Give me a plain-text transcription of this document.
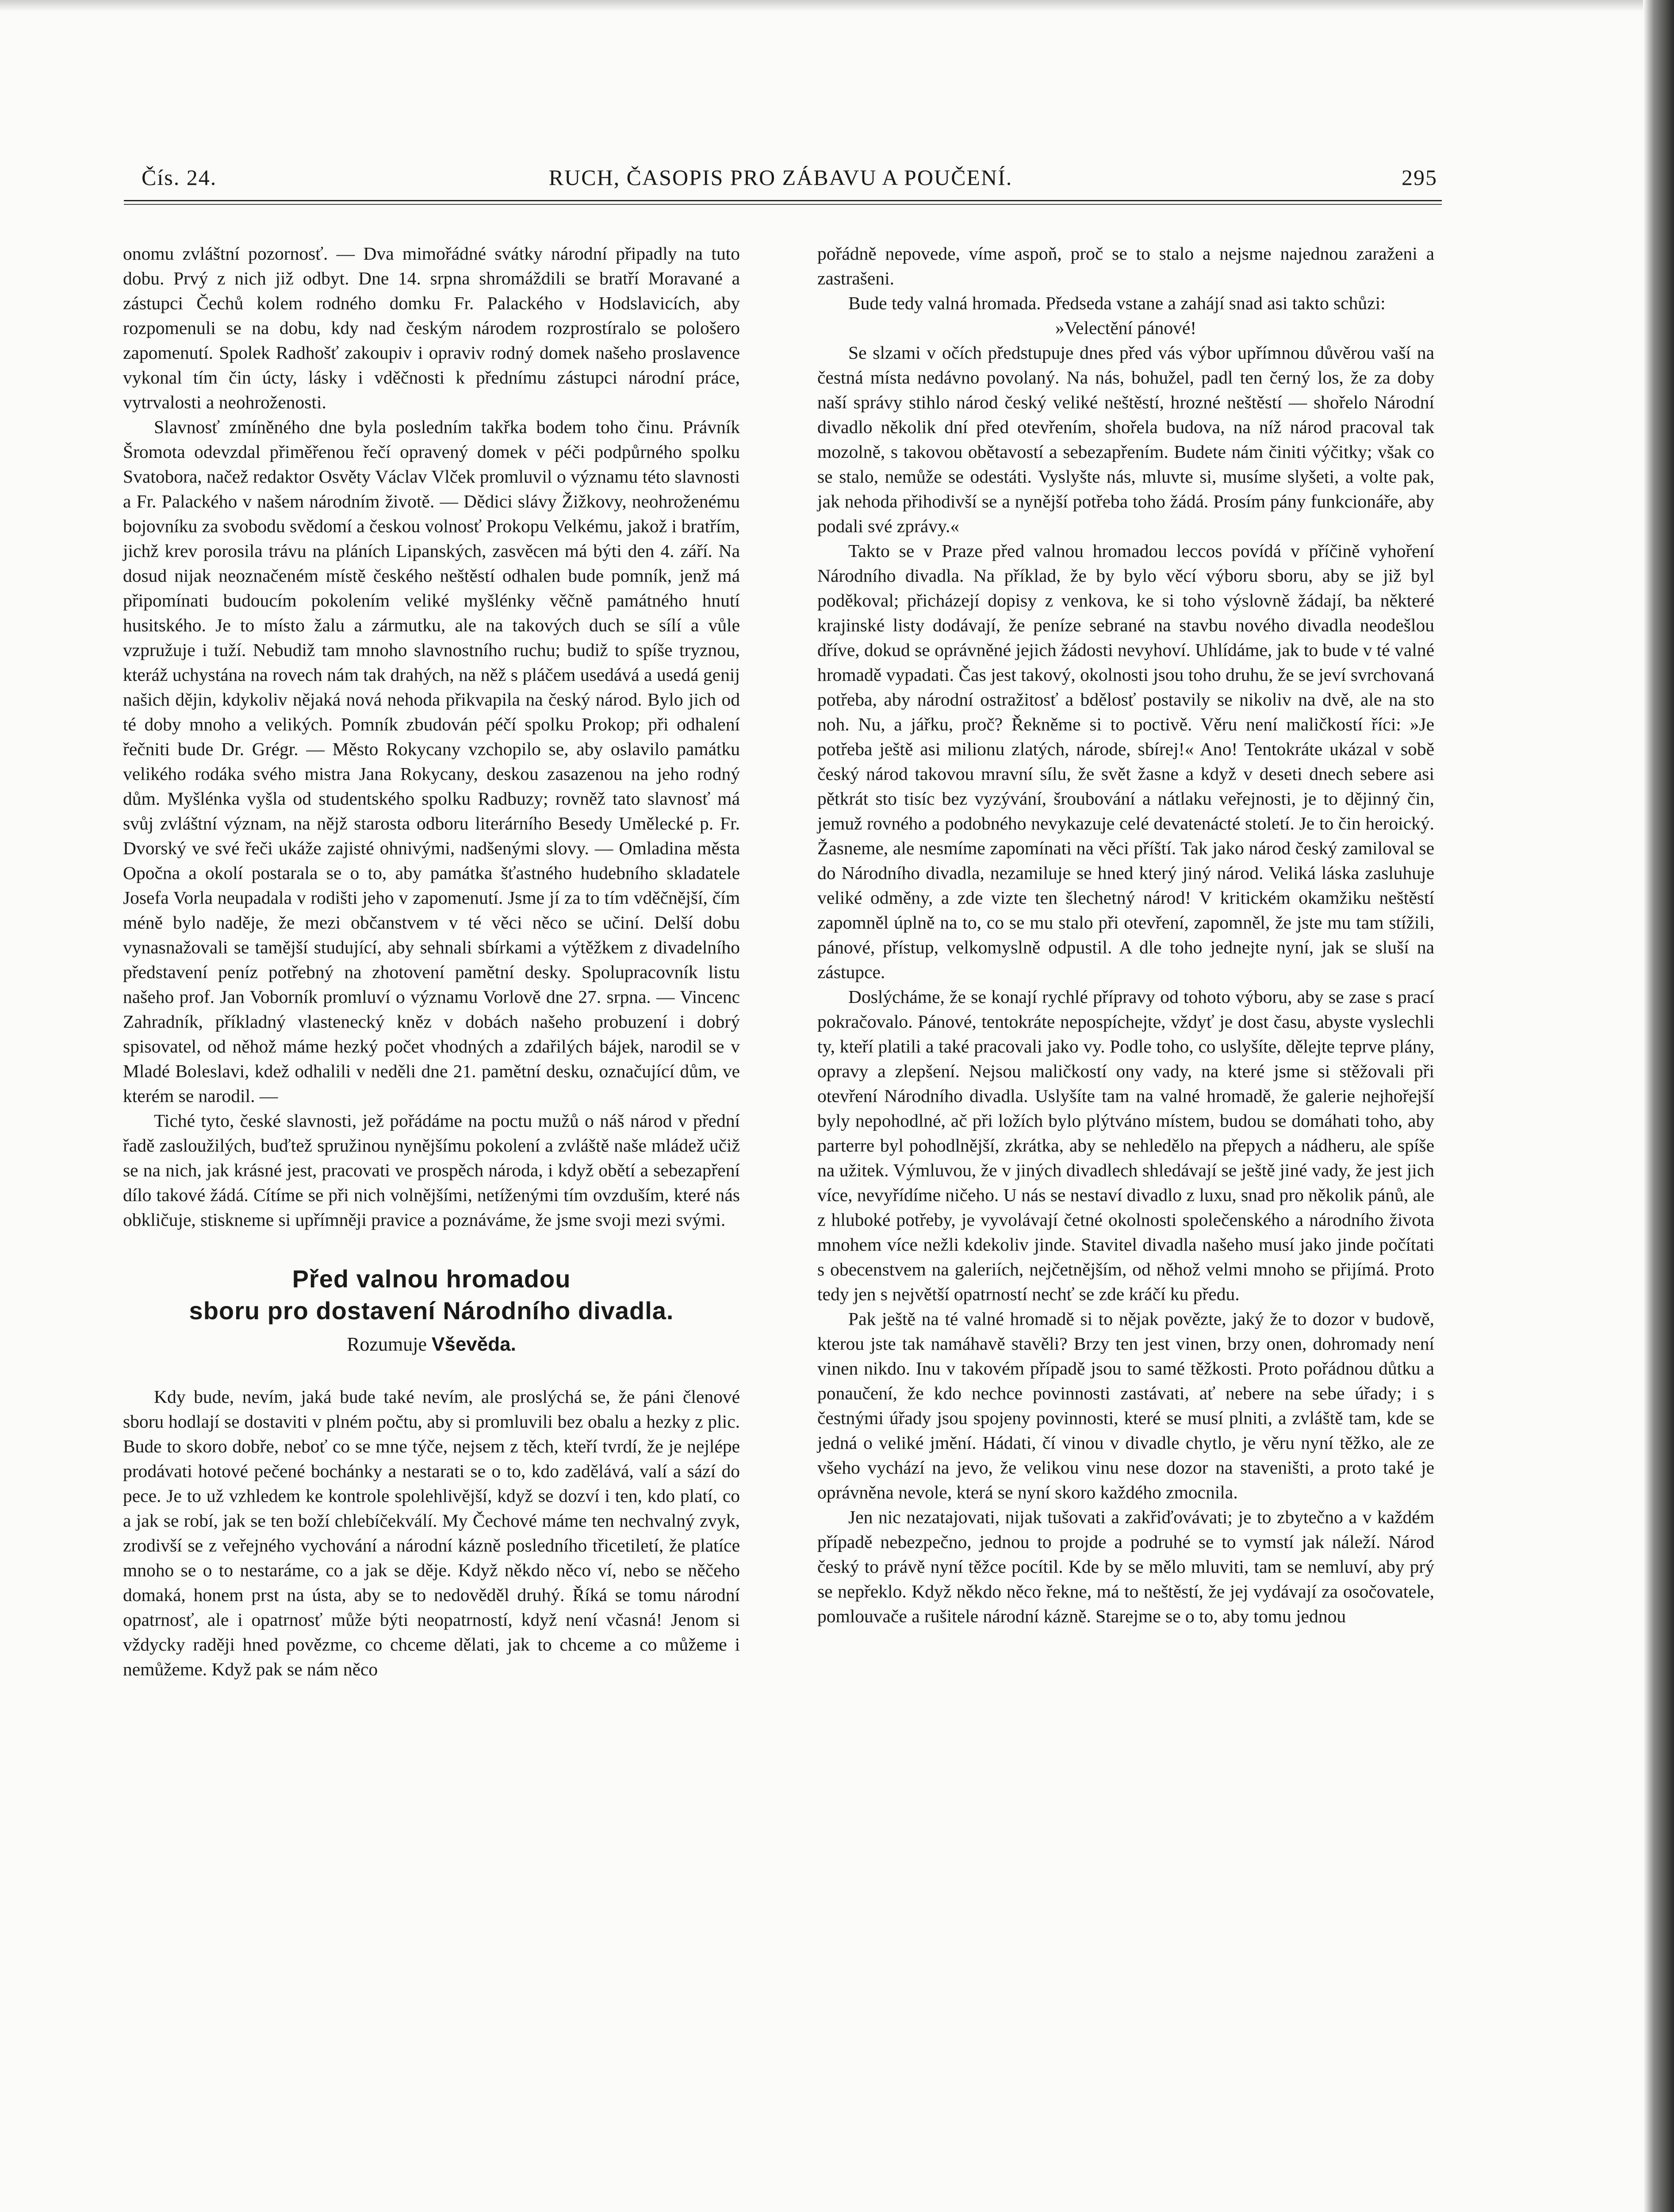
Čís. 24.	RUCH, ČASOPIS PRO ZÁBAVU A POUČENÍ.	295

onomu zvláštní pozornosť. — Dva mimořádné svátky národní připadly na tuto dobu. Prvý z nich již odbyt. Dne 14. srpna shromáždili se bratří Moravané a zástupci Čechů kolem rodného domku Fr. Palackého v Hodslavicích, aby rozpomenuli se na dobu, kdy nad českým národem rozprostíralo se pološero zapomenutí. Spolek Radhošť zakoupiv i opraviv rodný domek našeho proslavence vykonal tím čin úcty, lásky i vděčnosti k přednímu zástupci národní práce, vytrvalosti a neohroženosti.

Slavnosť zmíněného dne byla posledním takřka bodem toho činu. Právník Šromota odevzdal přiměřenou řečí opravený domek v péči podpůrného spolku Svatobora, načež redaktor Osvěty Václav Vlček promluvil o významu této slavnosti a Fr. Palackého v našem národním životě. — Dědici slávy Žižkovy, neohroženému bojovníku za svobodu svědomí a českou volnosť Prokopu Velkému, jakož i bratřím, jichž krev porosila trávu na pláních Lipanských, zasvěcen má býti den 4. září. Na dosud nijak neoznačeném místě českého neštěstí odhalen bude pomník, jenž má připomínati budoucím pokolením veliké myšlénky věčně památného hnutí husitského. Je to místo žalu a zármutku, ale na takových duch se sílí a vůle vzpružuje i tuží. Nebudiž tam mnoho slavnostního ruchu; budiž to spíše tryznou, kteráž uchystána na rovech nám tak drahých, na něž s pláčem usedává a usedá genij našich dějin, kdykoliv nějaká nová nehoda přikvapila na český národ. Bylo jich od té doby mnoho a velikých. Pomník zbudován péčí spolku Prokop; při odhalení řečniti bude Dr. Grégr. — Město Rokycany vzchopilo se, aby oslavilo památku velikého rodáka svého mistra Jana Rokycany, deskou zasazenou na jeho rodný dům. Myšlénka vyšla od studentského spolku Radbuzy; rovněž tato slavnosť má svůj zvláštní význam, na nějž starosta odboru literárního Besedy Umělecké p. Fr. Dvorský ve své řeči ukáže zajisté ohnivými, nadšenými slovy. — Omladina města Opočna a okolí postarala se o to, aby památka šťastného hudebního skladatele Josefa Vorla neupadala v rodišti jeho v zapomenutí. Jsme jí za to tím vděčnější, čím méně bylo naděje, že mezi občanstvem v té věci něco se učiní. Delší dobu vynasnažovali se tamější studující, aby sehnali sbírkami a výtěžkem z divadelního představení peníz potřebný na zhotovení pamětní desky. Spolupracovník listu našeho prof. Jan Voborník promluví o významu Vorlově dne 27. srpna. — Vincenc Zahradník, příkladný vlastenecký kněz v dobách našeho probuzení i dobrý spisovatel, od něhož máme hezký počet vhodných a zdařilých bájek, narodil se v Mladé Boleslavi, kdež odhalili v neděli dne 21. pamětní desku, označující dům, ve kterém se narodil. —

Tiché tyto, české slavnosti, jež pořádáme na poctu mužů o náš národ v přední řadě zasloužilých, buďtež spružinou nynějšímu pokolení a zvláště naše mládež učiž se na nich, jak krásné jest, pracovati ve prospěch národa, i když obětí a sebezapření dílo takové žádá. Cítíme se při nich volnějšími, netíženými tím ovzduším, které nás obkličuje, stiskneme si upřímněji pravice a poznáváme, že jsme svoji mezi svými.

Před valnou hromadou
sboru pro dostavení Národního divadla.
Rozumuje Vševěda.

Kdy bude, nevím, jaká bude také nevím, ale proslýchá se, že páni členové sboru hodlají se dostaviti v plném počtu, aby si promluvili bez obalu a hezky z plic. Bude to skoro dobře, neboť co se mne týče, nejsem z těch, kteří tvrdí, že je nejlépe prodávati hotové pečené bochánky a nestarati se o to, kdo zadělává, valí a sází do pece. Je to už vzhledem ke kontrole spolehlivější, když se dozví i ten, kdo platí, co a jak se robí, jak se ten boží chlebíčekválí. My Čechové máme ten nechvalný zvyk, zrodivší se z veřejného vychování a národní kázně posledního třicetiletí, že platíce mnoho se o to nestaráme, co a jak se děje. Když někdo něco ví, nebo se něčeho domaká, honem prst na ústa, aby se to nedověděl druhý. Říká se tomu národní opatrnosť, ale i opatrnosť může býti neopatrností, když není včasná! Jenom si vždycky raději hned povězme, co chceme dělati, jak to chceme a co můžeme i nemůžeme. Když pak se nám něco

pořádně nepovede, víme aspoň, proč se to stalo a nejsme najednou zaraženi a zastrašeni.

Bude tedy valná hromada. Předseda vstane a zahájí snad asi takto schůzi:

»Velectění pánové!

Se slzami v očích předstupuje dnes před vás výbor upřímnou důvěrou vaší na čestná místa nedávno povolaný. Na nás, bohužel, padl ten černý los, že za doby naší správy stihlo národ český veliké neštěstí, hrozné neštěstí — shořelo Národní divadlo několik dní před otevřením, shořela budova, na níž národ pracoval tak mozolně, s takovou obětavostí a sebezapřením. Budete nám činiti výčitky; však co se stalo, nemůže se odestáti. Vyslyšte nás, mluvte si, musíme slyšeti, a volte pak, jak nehoda přihodivší se a nynější potřeba toho žádá. Prosím pány funkcionáře, aby podali své zprávy.«

Takto se v Praze před valnou hromadou leccos povídá v příčině vyhoření Národního divadla. Na příklad, že by bylo věcí výboru sboru, aby se již byl poděkoval; přicházejí dopisy z venkova, ke si toho výslovně žádají, ba některé krajinské listy dodávají, že peníze sebrané na stavbu nového divadla neodešlou dříve, dokud se oprávněné jejich žádosti nevyhoví. Uhlídáme, jak to bude v té valné hromadě vypadati. Čas jest takový, okolnosti jsou toho druhu, že se jeví svrchovaná potřeba, aby národní ostražitosť a bdělosť postavily se nikoliv na dvě, ale na sto noh. Nu, a jářku, proč? Řekněme si to poctivě. Věru není maličkostí říci: »Je potřeba ještě asi milionu zlatých, národe, sbírej!« Ano! Tentokráte ukázal v sobě český národ takovou mravní sílu, že svět žasne a když v deseti dnech sebere asi pětkrát sto tisíc bez vyzývání, šroubování a nátlaku veřejnosti, je to dějinný čin, jemuž rovného a podobného nevykazuje celé devatenácté století. Je to čin heroický. Žasneme, ale nesmíme zapomínati na věci příští. Tak jako národ český zamiloval se do Národního divadla, nezamiluje se hned který jiný národ. Veliká láska zasluhuje veliké odměny, a zde vizte ten šlechetný národ! V kritickém okamžiku neštěstí zapomněl úplně na to, co se mu stalo při otevření, zapomněl, že jste mu tam stížili, pánové, přístup, velkomyslně odpustil. A dle toho jednejte nyní, jak se sluší na zástupce.

Doslýcháme, že se konají rychlé přípravy od tohoto výboru, aby se zase s prací pokračovalo. Pánové, tentokráte nepospíchejte, vždyť je dost času, abyste vyslechli ty, kteří platili a také pracovali jako vy. Podle toho, co uslyšíte, dělejte teprve plány, opravy a zlepšení. Nejsou maličkostí ony vady, na které jsme si stěžovali při otevření Národního divadla. Uslyšíte tam na valné hromadě, že galerie nejhořejší byly nepohodlné, ač při ložích bylo plýtváno místem, budou se domáhati toho, aby parterre byl pohodlnější, zkrátka, aby se nehledělo na přepych a nádheru, ale spíše na užitek. Výmluvou, že v jiných divadlech shledávají se ještě jiné vady, že jest jich více, nevyřídíme ničeho. U nás se nestaví divadlo z luxu, snad pro několik pánů, ale z hluboké potřeby, je vyvolávají četné okolnosti společenského a národního života mnohem více nežli kdekoliv jinde. Stavitel divadla našeho musí jako jinde počítati s obecenstvem na galeriích, nejčetnějším, od něhož velmi mnoho se přijímá. Proto tedy jen s největší opatrností nechť se zde kráčí ku předu.

Pak ještě na té valné hromadě si to nějak povězte, jaký že to dozor v budově, kterou jste tak namáhavě stavěli? Brzy ten jest vinen, brzy onen, dohromady není vinen nikdo. Inu v takovém případě jsou to samé těžkosti. Proto pořádnou důtku a ponaučení, že kdo nechce povinnosti zastávati, ať nebere na sebe úřady; i s čestnými úřady jsou spojeny povinnosti, které se musí plniti, a zvláště tam, kde se jedná o veliké jmění. Hádati, čí vinou v divadle chytlo, je věru nyní těžko, ale ze všeho vychází na jevo, že velikou vinu nese dozor na staveništi, a proto také je oprávněna nevole, která se nyní skoro každého zmocnila.

Jen nic nezatajovati, nijak tušovati a zakřiďovávati; je to zbytečno a v každém případě nebezpečno, jednou to projde a podruhé se to vymstí jak náleží. Národ český to právě nyní těžce pocítil. Kde by se mělo mluviti, tam se nemluví, aby prý se nepřeklo. Když někdo něco řekne, má to neštěstí, že jej vydávají za osočovatele, pomlouvače a rušitele národní kázně. Starejme se o to, aby tomu jednou
